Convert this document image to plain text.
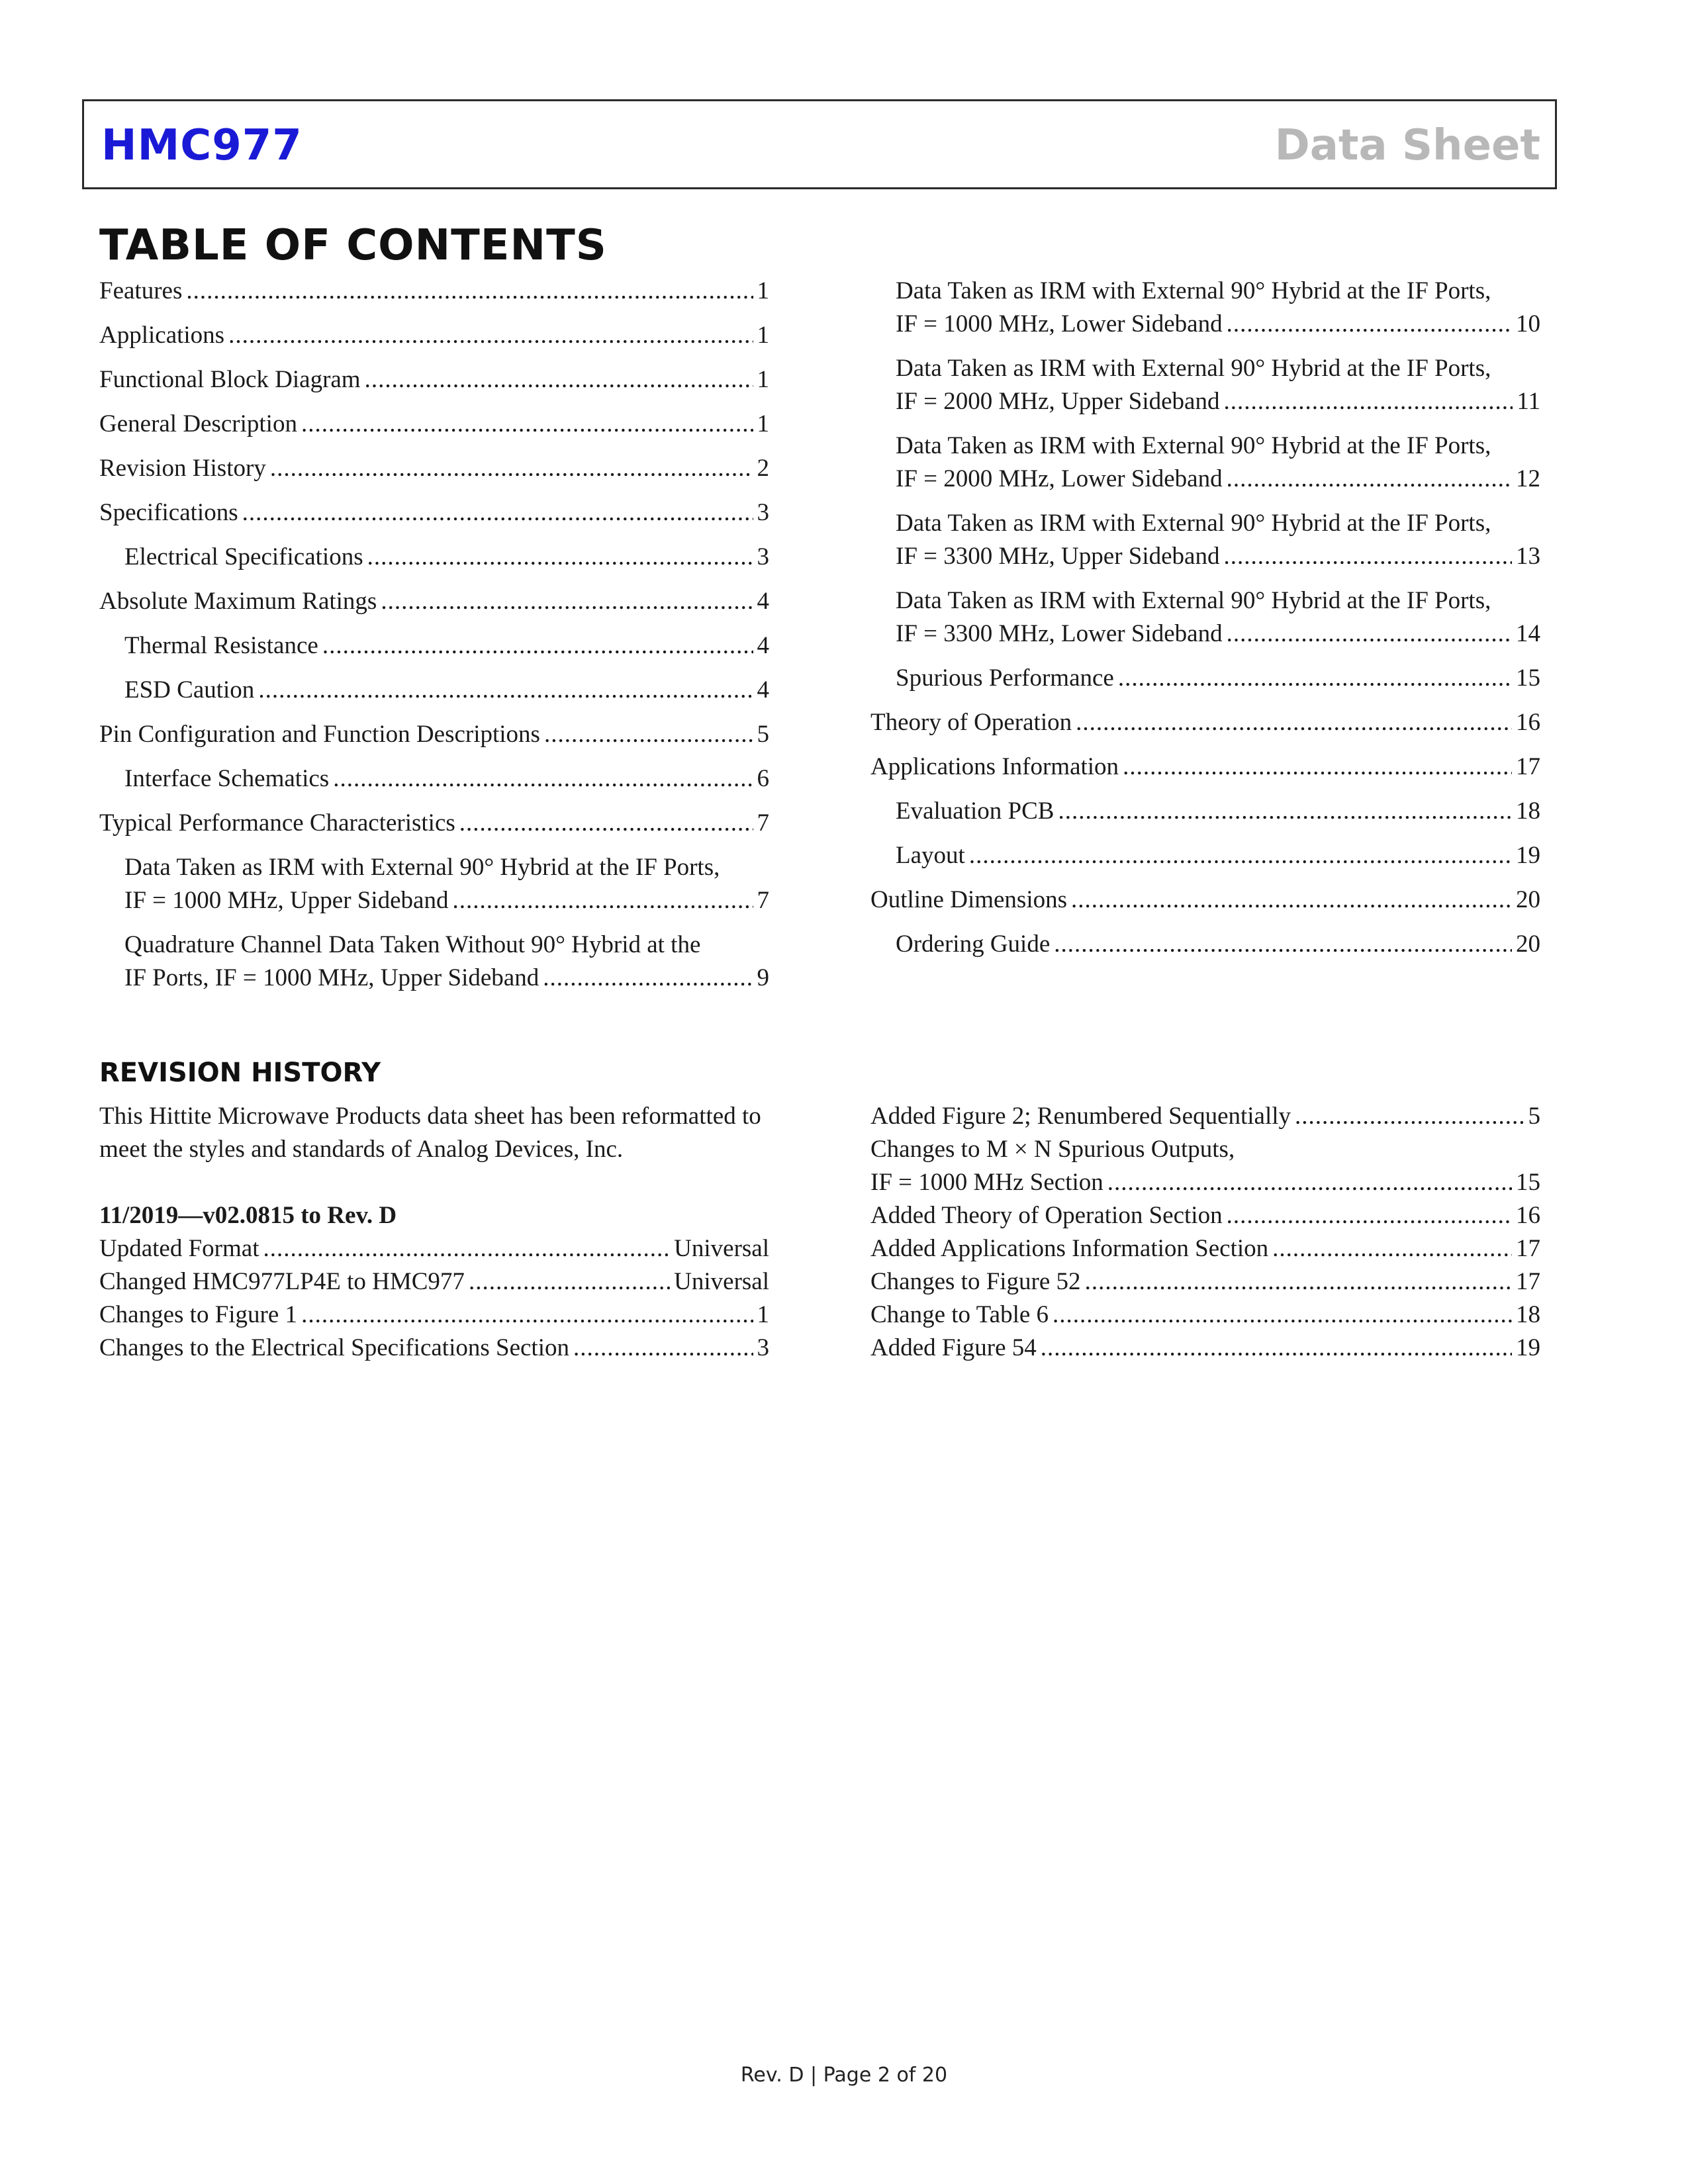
HMC977	Data Sheet
TABLE OF CONTENTS
Features .....	1
Applications .....	1
Functional Block Diagram .....	1
General Description .....	1
Revision History .....	2
Specifications .....	3
Electrical Specifications .....	3
Absolute Maximum Ratings .....	4
Thermal Resistance .....	4
ESD Caution .....	4
Pin Configuration and Function Descriptions .....	5
Interface Schematics .....	6
Typical Performance Characteristics .....	7
Data Taken as IRM with External 90° Hybrid at the IF Ports,
IF = 1000 MHz, Upper Sideband .....	7
Quadrature Channel Data Taken Without 90° Hybrid at the
IF Ports, IF = 1000 MHz, Upper Sideband .....	9
Data Taken as IRM with External 90° Hybrid at the IF Ports,
IF = 1000 MHz, Lower Sideband .....	10
Data Taken as IRM with External 90° Hybrid at the IF Ports,
IF = 2000 MHz, Upper Sideband .....	11
Data Taken as IRM with External 90° Hybrid at the IF Ports,
IF = 2000 MHz, Lower Sideband .....	12
Data Taken as IRM with External 90° Hybrid at the IF Ports,
IF = 3300 MHz, Upper Sideband .....	13
Data Taken as IRM with External 90° Hybrid at the IF Ports,
IF = 3300 MHz, Lower Sideband .....	14
Spurious Performance .....	15
Theory of Operation .....	16
Applications Information .....	17
Evaluation PCB .....	18
Layout .....	19
Outline Dimensions .....	20
Ordering Guide .....	20
REVISION HISTORY
This Hittite Microwave Products data sheet has been reformatted to meet the styles and standards of Analog Devices, Inc.
11/2019—v02.0815 to Rev. D
Updated Format .....	Universal
Changed HMC977LP4E to HMC977 .....	Universal
Changes to Figure 1 .....	1
Changes to the Electrical Specifications Section .....	3
Added Figure 2; Renumbered Sequentially .....	5
Changes to M × N Spurious Outputs,
IF = 1000 MHz Section .....	15
Added Theory of Operation Section .....	16
Added Applications Information Section .....	17
Changes to Figure 52 .....	17
Change to Table 6 .....	18
Added Figure 54 .....	19
Rev. D | Page 2 of 20
